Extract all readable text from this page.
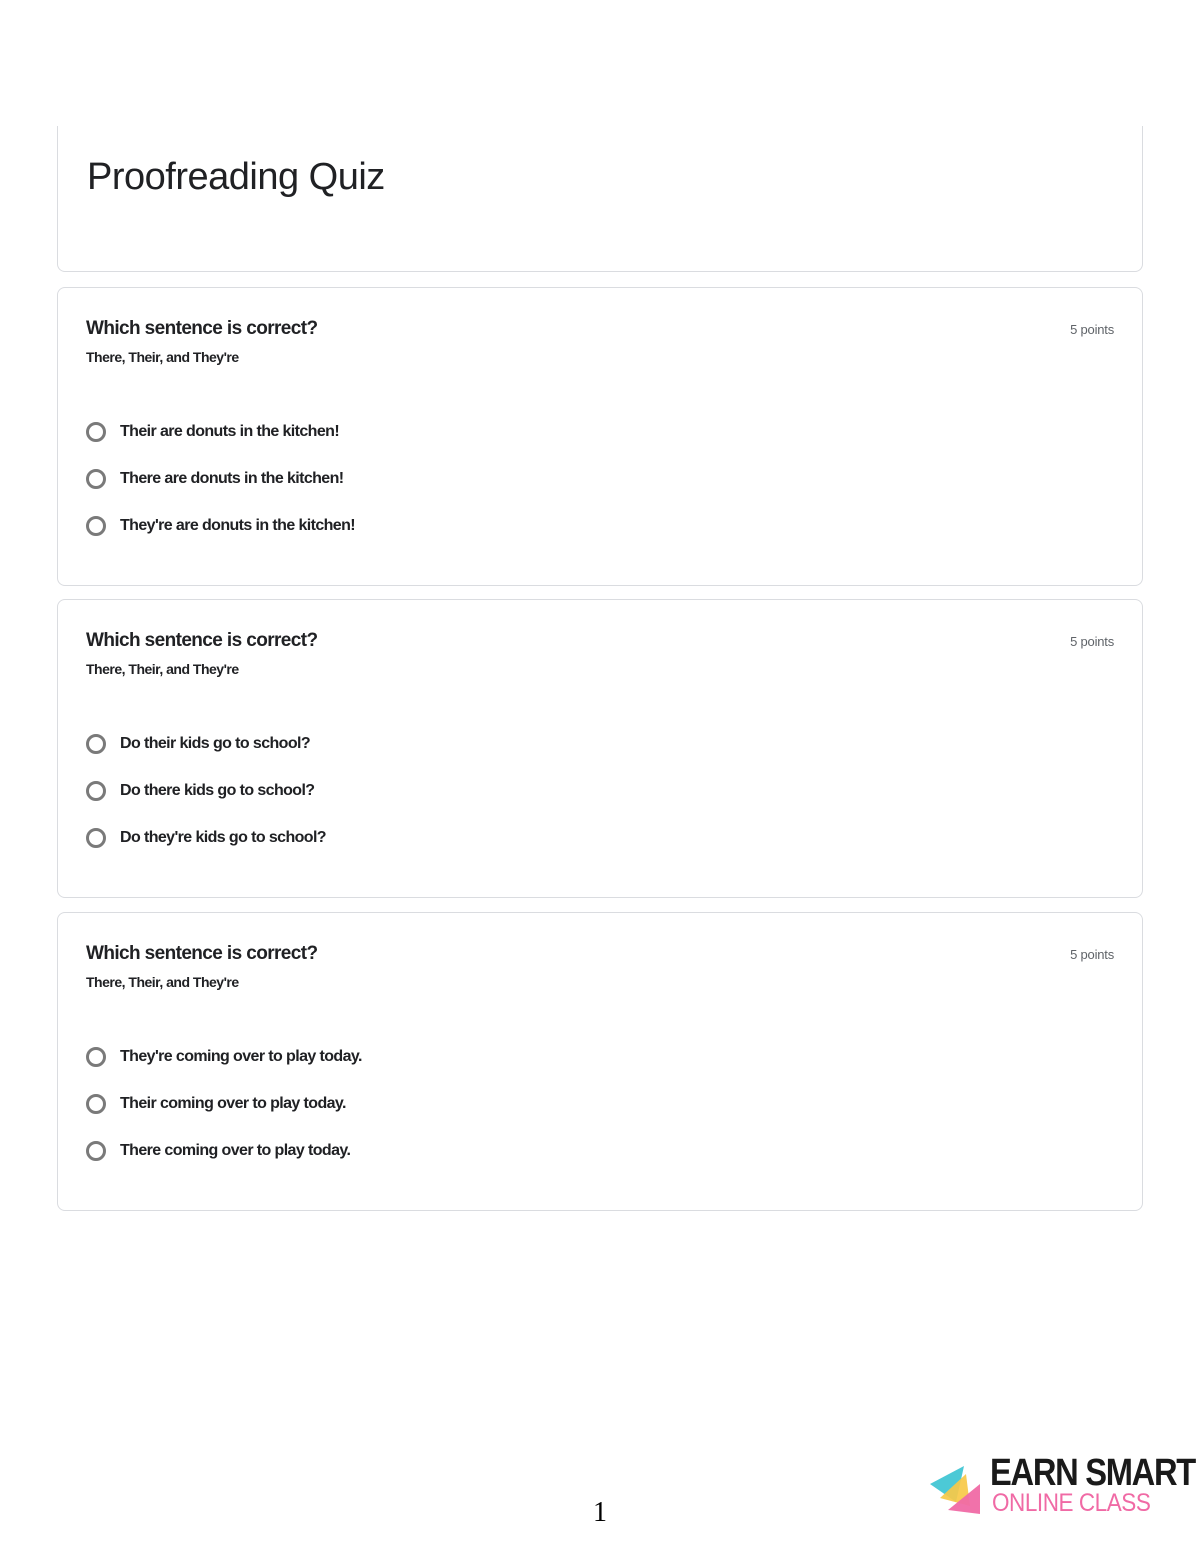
Proofreading Quiz

Which sentence is correct?

There, Their, and They're

5 points
Their are donuts in the kitchen!
There are donuts in the kitchen!
They're are donuts in the kitchen!

Which sentence is correct?

There, Their, and They're

5 points
Do their kids go to school?
Do there kids go to school?
Do they're kids go to school?

Which sentence is correct?

There, Their, and They're

5 points
They're coming over to play today.
Their coming over to play today.
There coming over to play today.
1
EARN SMART
ONLINE CLASS
